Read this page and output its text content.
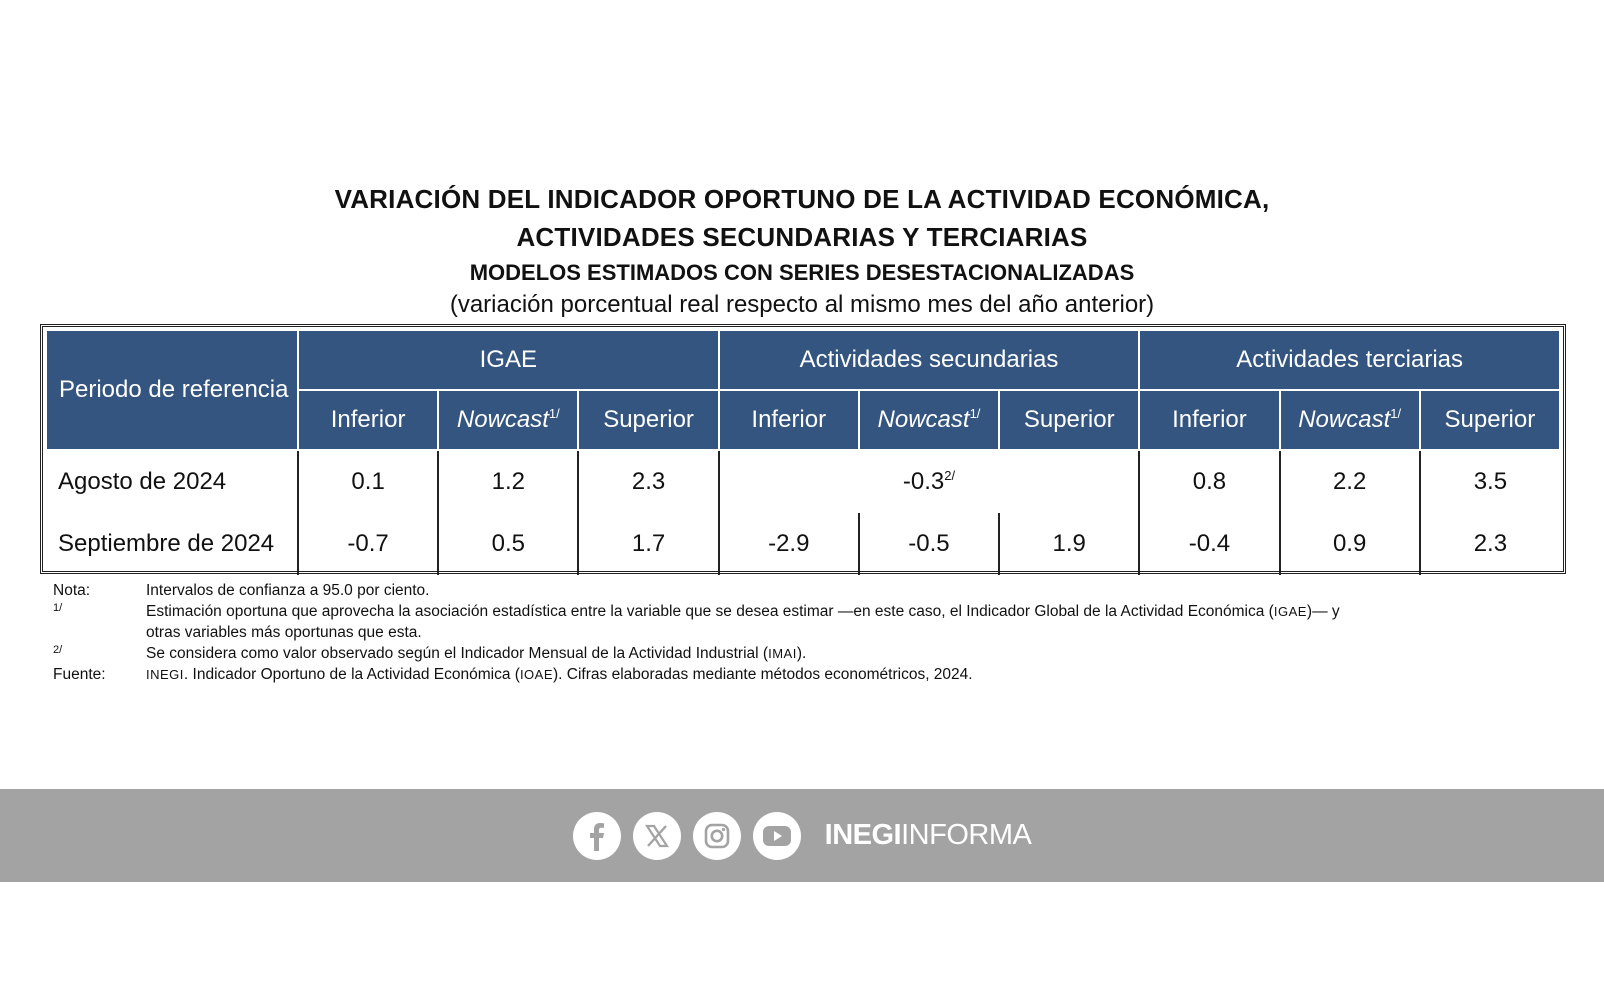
VARIACIÓN DEL INDICADOR OPORTUNO DE LA ACTIVIDAD ECONÓMICA,
ACTIVIDADES SECUNDARIAS Y TERCIARIAS
MODELOS ESTIMADOS CON SERIES DESESTACIONALIZADAS
(variación porcentual real respecto al mismo mes del año anterior)
Periodo de referencia	IGAE			Actividades secundarias			Actividades terciarias		
	Inferior	Nowcast$^{1/}$	Superior	Inferior	Nowcast$^{1/}$	Superior	Inferior	Nowcast$^{1/}$	Superior
Agosto de 2024	0.1	1.2	2.3	$-0.3^{2/}$			0.8	2.2	3.5
Septiembre de 2024	-0.7	0.5	1.7	-2.9	-0.5	1.9	-0.4	0.9	2.3
Nota:	Intervalos de confianza a 95.0 por ciento.
1/	Estimación oportuna que aprovecha la asociación estadística entre la variable que se desea estimar —en este caso, el Indicador Global de la Actividad Económica (IGAE)— y
otras variables más oportunas que esta.
2/	Se considera como valor observado según el Indicador Mensual de la Actividad Industrial (IMAI).
Fuente:	INEGI. Indicador Oportuno de la Actividad Económica (IOAE). Cifras elaboradas mediante métodos econométricos, 2024.
INEGIINFORMA
